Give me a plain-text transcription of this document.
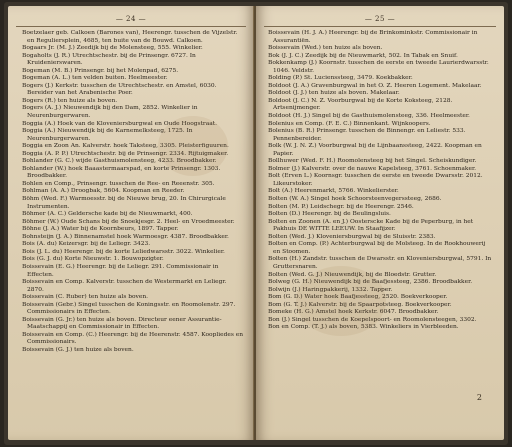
— 24 —
Boetzelaer geb. Calkoen (Barones van), Heerengr. tusschen de Vijzelstr. en Reguliersplein, 4685, ten buite van de Bouwd. Calkoen.
Bogaars Jr. (M. J.) Zeedijk bij de Molensteeg, 555. Winkelier.
Bogaholts (J. R.) Utrechtschestr. bij de Prinsengr. 6727. In Kruidenierswaren.
Bogeman (M. B.) Prinsengr. bij het Molenpad, 6275.
Bogeman (A. L.) ten velden buiten. Heelmeester.
Bogers (J.) Kerkstr. tusschen de Utrechtschestr. en Amstel, 6030. Bereider van het Arabenische Poer.
Bogers (R.) ten huize als boven.
Bogers (A. J.) Nieuwendijk bij den Dam, 2852. Winkelier in Neurenburgerwaren.
Boggia (A.) Hoek van de Kloveniersburgwal en Oude Hoogstraat.
Boggia (A.) Nieuwendijk bij de Karnemelksteeg, 1725. In Neurenburgerwaren.
Boggia en Zoon An. Kalverstr. hoek Taksteeg, 3305. Pleisterfiguuren.
Boggia (A. P. P.) Utrechtschestr. bij de Prinsengr. 2334. Rijtuigmaker.
Bohlander (G. C.) wijde Gasthuismolensteeg, 4233. Broodbakker.
Bohlander (W.) hoek Baaastermaarspad, en korte Prinsengr. 1303. Broodbakker.
Bohlen en Comp., Prinsengr. tusschen de Ree- en Reeenstr. 305.
Bohlman (A. A.) Droogbak, 5604. Koopman en Reeder.
Böhm (Wed. F.) Warmoesstr. bij de Nieuwe brug, 20. In Chirurgicale Instrumenten.
Böhmer (A. C.) Geldersche kade bij de Nieuwmarkt, 400.
Böhmer (W.) Oude Schans bij de Snoekjesgr. 2. Heel- en Vroedmeester.
Böhne (J. A.) Water bij de Koornbeurs, 1897. Tapper.
Bohnsteijn (J. A.) Binnenamstel hoek Warmoesgr. 4387. Broodbakker.
Bois (A. du) Keizersgr. bij de Leliegr. 3423.
Bois (J. L. du) Heerengr. bij de korte Leliedwarsstr. 3022. Winkelier.
Bois (G. J. du) Korte Nieuwstr. 1. Bouwopzigter.
Boissevain (E. G.) Heerengr. bij de Leliegr. 291. Commissionair in Effecten.
Boissevain en Comp. Kalverstr. tusschen de Westermarkt en Leliegr. 2870.
Boissevain (C. Ruber) ten huize als boven.
Boissevain (Gebr.) Singel tusschen de Koningsstr. en Roomolenstr. 297. Commissionairs in Effecten.
Boissevain (G. Jr.) ten huize als boven. Directeur eener Assurantie-Maatschappij en Commissionair in Effecten.
Boissevain en Comp. (C.) Heerengr. bij de Heerenstr. 4587. Koopliedes en Commissionairs.
Boissevain (G. J.) ten huize als boven.
— 25 —
Boissevain (H. J. A.) Heerengr. bij de Brinkominkstr. Commissionair in Assurantiën.
Boissevain (Wed.) ten huize als boven.
Bok (J. J. C.) Zeedijk bij de Nieuwmarkt, 502. In Tabak en Snuif.
Bokkenkamp (J.) Koornstr. tusschen de eerste en tweede Laurierdwarsstr. 1046. Veldstr.
Bolding (P.) St. Lucienssteeg, 3479. Koekbakker.
Boldoot (J. A.) Gravenburgwal in het O. Z. Heeren Logement. Makelaar.
Boldoot (J. J.) ten huize als boven. Makelaar.
Boldoot (J. C.) N. Z. Voorburgwal bij de Korte Koksteeg, 2128. Artsenijmenger.
Boldoot (H. J.) Singel bij de Gasthuismolensteeg, 336. Heelmeester.
Bolenius en Comp. (F. E. C.) Binnenkant. Wijnkoopers.
Bolenius (B. R.) Prinsengr. tusschen de Binnengr. en Leliestr. 533. Pennenbereider.
Bolk (W. J. N. Z.) Voorburgwal bij de Lijnbaanssteeg, 2422. Koopman en Papier.
Bollhuwer (Wed. F. H.) Roomolensteeg bij het Singel. Scheiskundiger.
Bolmer (J.) Kalverstr. over de nauwe Kapelsteeg, 3761. Schoenmaker.
Bolt (Erven L.) Koornsgr. tusschen de eerste en tweede Dwarsstr. 2012. Likeurstoker.
Bolt (A.) Heerenmarkt, 5766. Winkelierster.
Bolten (W. A.) Singel hoek Schoorsteenvegerssteeg, 2686.
Bolten (M. P.) Leidschegr. bij de Heerengr. 2546.
Bolten (D.) Heerengr. bij de Beulingsluis.
Bolten en Zoonen (A. en J.) Oosterscke Kade bij de Peperburg, in het Pakhuis DE WITTE LEEUW. In Staafijzer.
Bolten (Wed. J.) Kloveniersburgwal bij de Sluisstr. 2383.
Bolten en Comp. (P.) Achterburgwal bij de Molsteeg. In de Rookhouwerij en Stoomen.
Bolten (H.) Zandstr. tusschen de Dwarsstr. en Kloveniersburgwal, 5791. In Gruttersnaren.
Bolten (Wed. G. J.) Nieuwendijk, bij de Bloedstr. Grutter.
Bolweg (G. H.) Nieuwendijk bij de Baafjessteeg, 2386. Broodbakker.
Bolwijn (J.) Haringpakkerij, 1332. Tapper.
Bom (G. D.) Water hoek Baafjessteeg, 2520. Boekverkooper.
Bom (G. T. J.) Kalverstr. bij de Spaarpotsteeg. Boekverkooper.
Bomeke (H. G.) Amstel hoek Kerkstr. 6047. Broodbakker.
Bon (J.) Singel tusschen de Koepelspoort- en Roomolensteegen, 3302.
Bon en Comp. (T. J.) als boven, 5383. Winkeliers in Vierbleeden.
2
